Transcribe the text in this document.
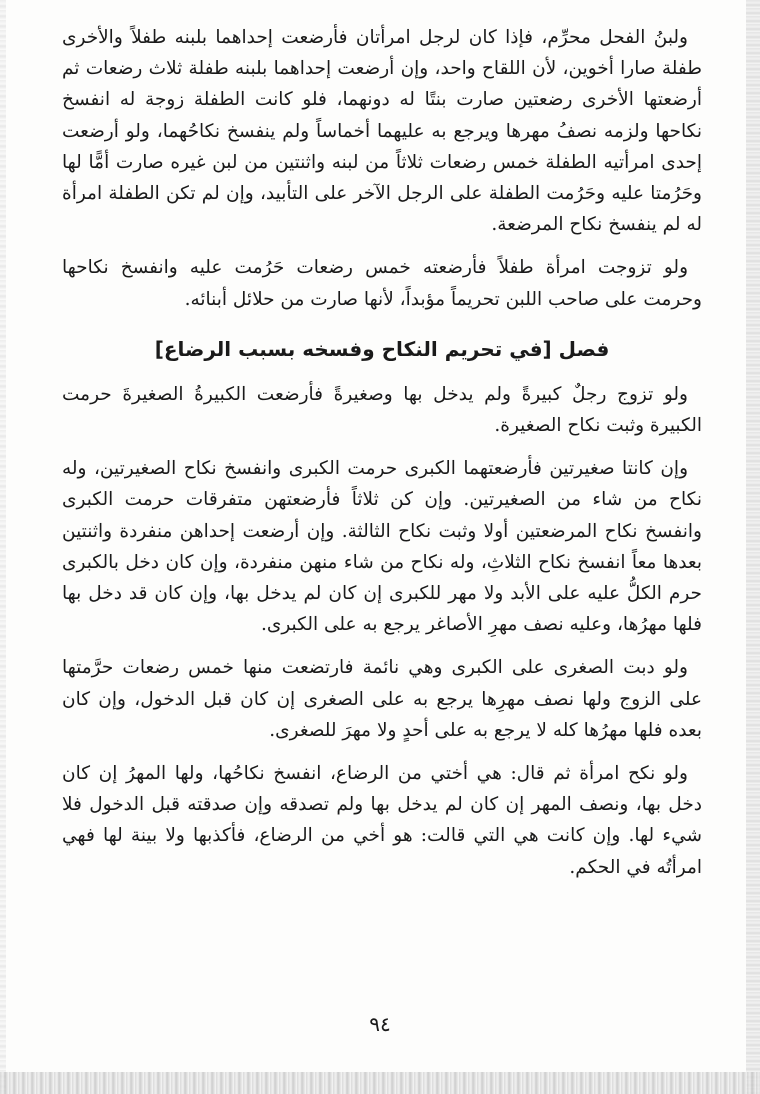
ولبنُ الفحل محرِّم، فإذا كان لرجل امرأتان فأرضعت إحداهما بلبنه طفلاً والأخرى طفلة صارا أخوين، لأن اللقاح واحد، وإن أرضعت إحداهما بلبنه طفلة ثلاث رضعات ثم أرضعتها الأخرى رضعتين صارت بنتًا له دونهما، فلو كانت الطفلة زوجة له انفسخ نكاحها ولزمه نصفُ مهرها ويرجع به عليهما أخماساً ولم ينفسخ نكاحُهما، ولو أرضعت إحدى امرأتيه الطفلة خمس رضعات ثلاثاً من لبنه واثنتين من لبن غيره صارت أمًّا لها وحَرُمتا عليه وحَرُمت الطفلة على الرجل الآخر على التأبيد، وإن لم تكن الطفلة امرأة له لم ينفسخ نكاح المرضعة.

ولو تزوجت امرأة طفلاً فأرضعته خمس رضعات حَرُمت عليه وانفسخ نكاحها وحرمت على صاحب اللبن تحريماً مؤبداً، لأنها صارت من حلائل أبنائه.

فصل [في تحريم النكاح وفسخه بسبب الرضاع]

ولو تزوج رجلٌ كبيرةً ولم يدخل بها وصغيرةً فأرضعت الكبيرةُ الصغيرةَ حرمت الكبيرة وثبت نكاح الصغيرة.

وإن كانتا صغيرتين فأرضعتهما الكبرى حرمت الكبرى وانفسخ نكاح الصغيرتين، وله نكاح من شاء من الصغيرتين. وإن كن ثلاثاً فأرضعتهن متفرقات حرمت الكبرى وانفسخ نكاح المرضعتين أولا وثبت نكاح الثالثة. وإن أرضعت إحداهن منفردة واثنتين بعدها معاً انفسخ نكاح الثلاثِ، وله نكاح من شاء منهن منفردة، وإن كان دخل بالكبرى حرم الكلُّ عليه على الأبد ولا مهر للكبرى إن كان لم يدخل بها، وإن كان قد دخل بها فلها مهرُها، وعليه نصف مهرِ الأصاغر يرجع به على الكبرى.

ولو دبت الصغرى على الكبرى وهي نائمة فارتضعت منها خمس رضعات حرَّمتها على الزوج ولها نصف مهرِها يرجع به على الصغرى إن كان قبل الدخول، وإن كان بعده فلها مهرُها كله لا يرجع به على أحدٍ ولا مهرَ للصغرى.

ولو نكح امرأة ثم قال: هي أختي من الرضاع، انفسخ نكاحُها، ولها المهرُ إن كان دخل بها، ونصف المهر إن كان لم يدخل بها ولم تصدقه وإن صدقته قبل الدخول فلا شيء لها. وإن كانت هي التي قالت: هو أخي من الرضاع، فأكذبها ولا بينة لها فهي امرأتُه في الحكم.

٩٤
